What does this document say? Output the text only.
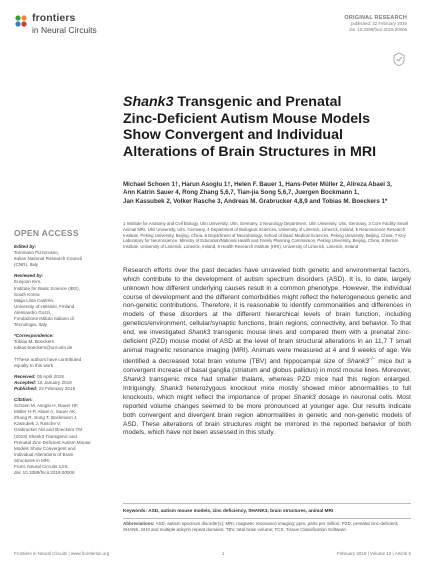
frontiers
in Neural Circuits
ORIGINAL RESEARCH
published: 22 February 2019
doi: 10.3389/fncir.2019.00006
Shank3 Transgenic and Prenatal
Zinc-Deficient Autism Mouse Models
Show Convergent and Individual
Alterations of Brain Structures in MRI
Michael Schoen 1†, Harun Asoglu 1†, Helen F. Bauer 1, Hans-Peter Müller 2, Alireza Abaei 3,
Ann Katrin Sauer 4, Rong Zhang 5,6,7, Tian-jia Song 5,6,7, Juergen Bockmann 1,
Jan Kassubek 2, Volker Rasche 3, Andreas M. Grabrucker 4,8,9 and Tobias M. Boeckers 1*
1 Institute for Anatomy and Cell Biology, Ulm University, Ulm, Germany, 2 Neurology Department, Ulm University, Ulm, Germany, 3 Core Facility Small Animal MRI, Ulm University, Ulm, Germany, 4 Department of Biological Sciences, University of Limerick, Limerick, Ireland, 5 Neuroscience Research Institute, Peking University, Beijing, China, 6 Department of Neurobiology, School of Basic Medical Sciences, Peking University, Beijing, China, 7 Key Laboratory for Neuroscience, Ministry of Education/National Health and Family Planning Commission, Peking University, Beijing, China, 8 Bernal Institute, University of Limerick, Limerick, Ireland, 9 Health Research Institute (HRI), University of Limerick, Limerick, Ireland
OPEN ACCESS
Edited by:
Tommaso Pizzorusso,
Italian National Research Council
(CNR), Italy
Reviewed by:
Eunjoon Kim,
Institute for Basic Science (IBS),
South Korea
Maija Liisa Castrén,
University of Helsinki, Finland
Alessandro Gozzi,
Fondazione Istituto Italiano di
Tecnologia, Italy
*Correspondence:
Tobias M. Boeckers
tobias.boeckers@uni-ulm.de
†These authors have contributed
equally to this work
Received: 05 April 2018
Accepted: 16 January 2019
Published: 22 February 2019
Citation:
Schoen M, Asoglu H, Bauer HF,
Müller H-P, Abaei A, Sauer AK,
Zhang R, Song T, Bockmann J,
Kassubek J, Rasche V,
Grabrucker AM and Boeckers TM
(2019) Shank3 Transgenic and
Prenatal Zinc-Deficient Autism Mouse
Models Show Convergent and
Individual Alterations of Brain
Structures in MRI.
Front. Neural Circuits 13:6.
doi: 10.3389/fncir.2019.00006
Research efforts over the past decades have unraveled both genetic and environmental factors, which contribute to the development of autism spectrum disorders (ASD). It is, to date, largely unknown how different underlying causes result in a common phenotype. However, the individual course of development and the different comorbidities might reflect the heterogeneous genetic and non-genetic contributions. Therefore, it is reasonable to identify commonalities and differences in models of these disorders at the different hierarchical levels of brain function, including genetics/environment, cellular/synaptic functions, brain regions, connectivity, and behavior. To that end, we investigated Shank3 transgenic mouse lines and compared them with a prenatal zinc-deficient (PZD) mouse model of ASD at the level of brain structural alterations in an 11,7 T small animal magnetic resonance imaging (MRI). Animals were measured at 4 and 9 weeks of age. We identified a decreased total brain volume (TBV) and hippocampal size of Shank3−/− mice but a convergent increase of basal ganglia (striatum and globus pallidus) in most mouse lines. Moreover, Shank3 transgenic mice had smaller thalami, whereas PZD mice had this region enlarged. Intriguingly, Shank3 heterozygous knockout mice mostly showed minor abnormalities to full knockouts, which might reflect the importance of proper Shank3 dosage in neuronal cells. Most reported volume changes seemed to be more pronounced at younger age. Our results indicate both convergent and divergent brain region abnormalities in genetic and non-genetic models of ASD. These alterations of brain structures might be mirrored in the reported behavior of both models, which have not been assessed in this study.
Keywords: ASD, autism mouse models, zinc deficiency, SHANK3, brain structures, animal MRI
Abbreviations: ASD, autism spectrum disorder(s); MRI, magnetic resonance imaging; ppm, parts per million; PZD, prenatal zinc-deficient; SHANK, SH3 and multiple ankyrin repeat domains; TBV, total brain volume; TCS, Tissue Classification Software.
Frontiers in Neural Circuits | www.frontiersin.org	1	February 2019 | Volume 13 | Article 6
